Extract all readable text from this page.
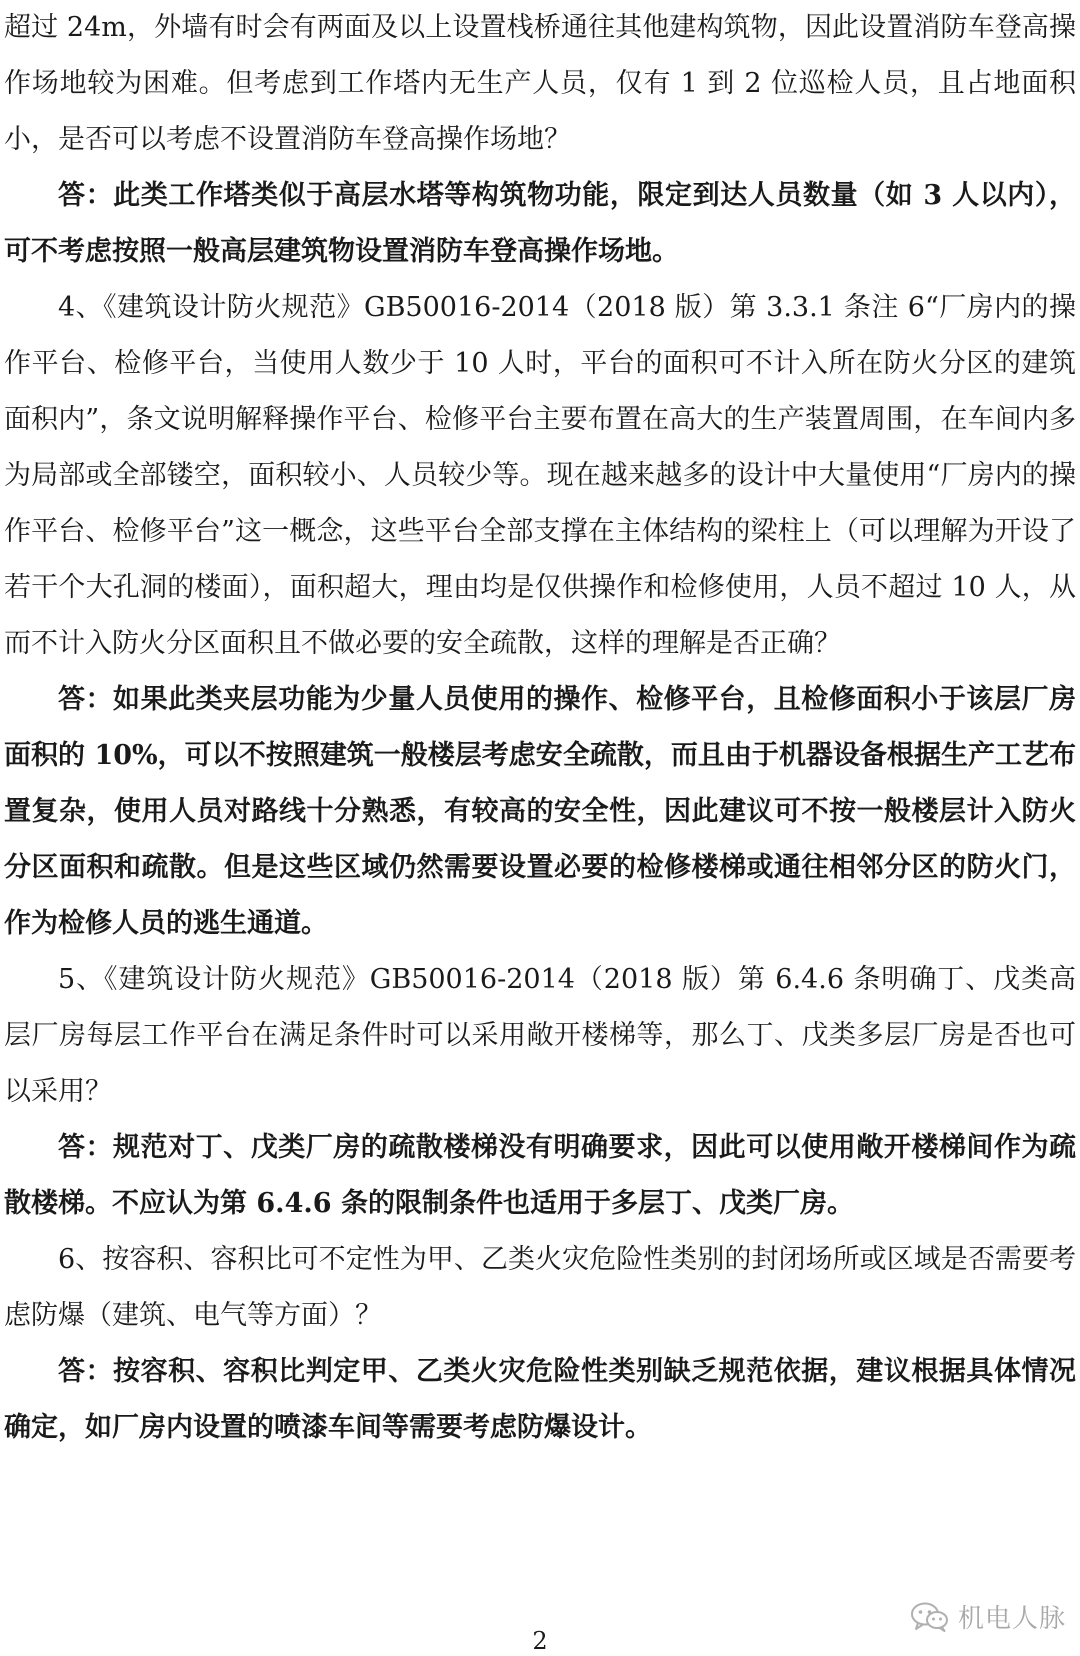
超过 24m，外墙有时会有两面及以上设置栈桥通往其他建构筑物，因此设置消防车登高操作场地较为困难。但考虑到工作塔内无生产人员，仅有 1 到 2 位巡检人员，且占地面积小，是否可以考虑不设置消防车登高操作场地？

答：此类工作塔类似于高层水塔等构筑物功能，限定到达人员数量（如 3 人以内），可不考虑按照一般高层建筑物设置消防车登高操作场地。

4、《建筑设计防火规范》GB50016-2014（2018 版）第 3.3.1 条注 6“厂房内的操作平台、检修平台，当使用人数少于 10 人时，平台的面积可不计入所在防火分区的建筑面积内”，条文说明解释操作平台、检修平台主要布置在高大的生产装置周围，在车间内多为局部或全部镂空，面积较小、人员较少等。现在越来越多的设计中大量使用“厂房内的操作平台、检修平台”这一概念，这些平台全部支撑在主体结构的梁柱上（可以理解为开设了若干个大孔洞的楼面），面积超大，理由均是仅供操作和检修使用，人员不超过 10 人，从而不计入防火分区面积且不做必要的安全疏散，这样的理解是否正确？

答：如果此类夹层功能为少量人员使用的操作、检修平台，且检修面积小于该层厂房面积的 10%，可以不按照建筑一般楼层考虑安全疏散，而且由于机器设备根据生产工艺布置复杂，使用人员对路线十分熟悉，有较高的安全性，因此建议可不按一般楼层计入防火分区面积和疏散。但是这些区域仍然需要设置必要的检修楼梯或通往相邻分区的防火门，作为检修人员的逃生通道。

5、《建筑设计防火规范》GB50016-2014（2018 版）第 6.4.6 条明确丁、戊类高层厂房每层工作平台在满足条件时可以采用敞开楼梯等，那么丁、戊类多层厂房是否也可以采用？

答：规范对丁、戊类厂房的疏散楼梯没有明确要求，因此可以使用敞开楼梯间作为疏散楼梯。不应认为第 6.4.6 条的限制条件也适用于多层丁、戊类厂房。

6、按容积、容积比可不定性为甲、乙类火灾危险性类别的封闭场所或区域是否需要考虑防爆（建筑、电气等方面）？

答：按容积、容积比判定甲、乙类火灾危险性类别缺乏规范依据，建议根据具体情况确定，如厂房内设置的喷漆车间等需要考虑防爆设计。

机电人脉
2
